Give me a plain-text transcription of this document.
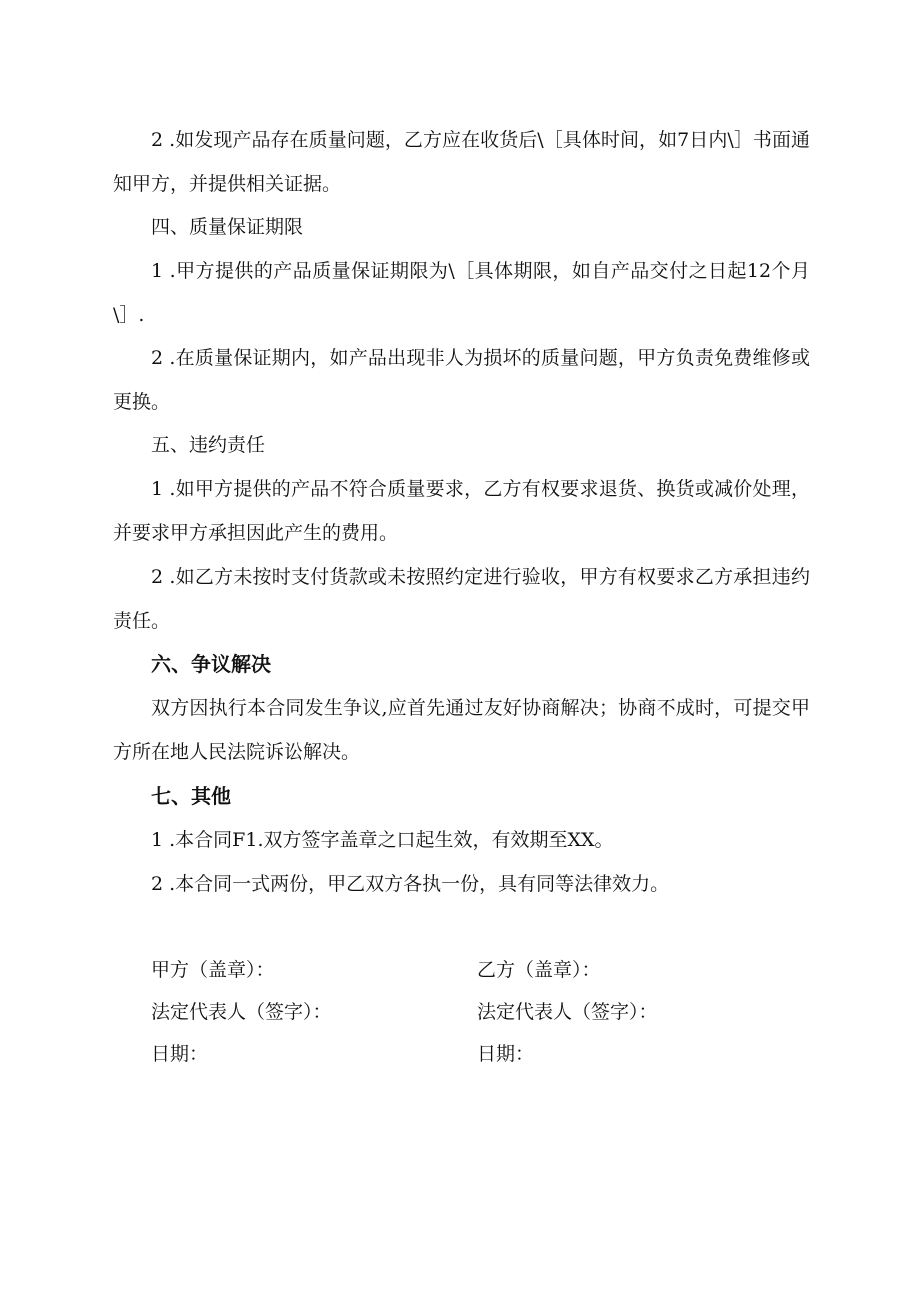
2 .如发现产品存在质量问题，乙方应在收货后\［具体时间，如7日内\］书面通知甲方，并提供相关证据。

四、质量保证期限

1 .甲方提供的产品质量保证期限为\［具体期限，如自产品交付之日起12个月\］.

2 .在质量保证期内，如产品出现非人为损坏的质量问题，甲方负责免费维修或更换。

五、违约责任

1 .如甲方提供的产品不符合质量要求，乙方有权要求退货、换货或减价处理，并要求甲方承担因此产生的费用。

2 .如乙方未按时支付货款或未按照约定进行验收，甲方有权要求乙方承担违约责任。

六、争议解决

双方因执行本合同发生争议,应首先通过友好协商解决；协商不成时，可提交甲方所在地人民法院诉讼解决。

七、其他

1 .本合同F1.双方签字盖章之口起生效，有效期至XX。

2 .本合同一式两份，甲乙双方各执一份，具有同等法律效力。

甲方（盖章）：	乙方（盖章）：
法定代表人（签字）：	法定代表人（签字）：
日期：	日期：
